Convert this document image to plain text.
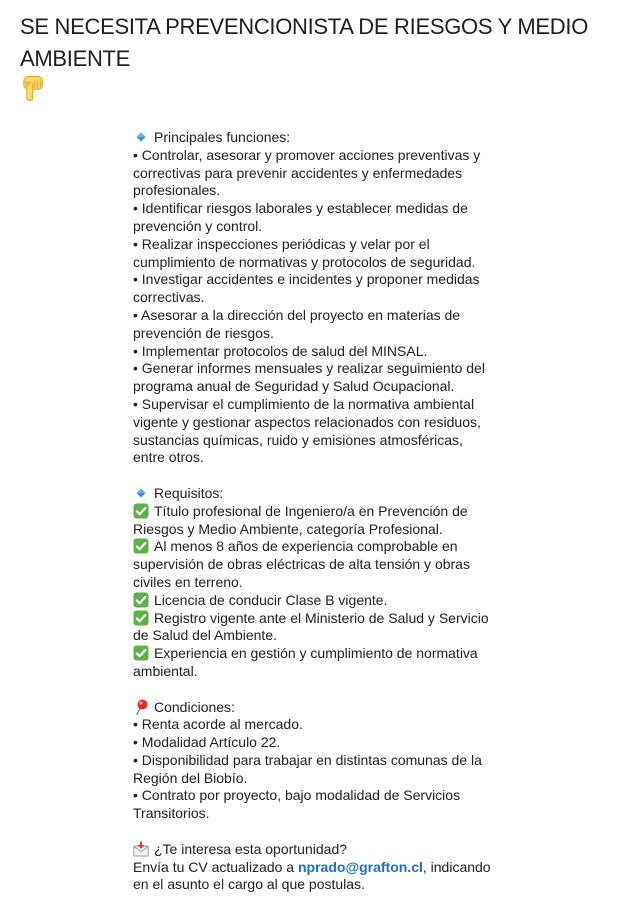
SE NECESITA PREVENCIONISTA DE RIESGOS Y MEDIO AMBIENTE
Principales funciones:
• Controlar, asesorar y promover acciones preventivas y
correctivas para prevenir accidentes y enfermedades
profesionales.
• Identificar riesgos laborales y establecer medidas de
prevención y control.
• Realizar inspecciones periódicas y velar por el
cumplimiento de normativas y protocolos de seguridad.
• Investigar accidentes e incidentes y proponer medidas
correctivas.
• Asesorar a la dirección del proyecto en materias de
prevención de riesgos.
• Implementar protocolos de salud del MINSAL.
• Generar informes mensuales y realizar seguimiento del
programa anual de Seguridad y Salud Ocupacional.
• Supervisar el cumplimiento de la normativa ambiental
vigente y gestionar aspectos relacionados con residuos,
sustancias químicas, ruido y emisiones atmosféricas,
entre otros.
Requisitos:
Título profesional de Ingeniero/a en Prevención de
Riesgos y Medio Ambiente, categoría Profesional.
Al menos 8 años de experiencia comprobable en
supervisión de obras eléctricas de alta tensión y obras
civiles en terreno.
Licencia de conducir Clase B vigente.
Registro vigente ante el Ministerio de Salud y Servicio
de Salud del Ambiente.
Experiencia en gestión y cumplimiento de normativa
ambiental.
Condiciones:
• Renta acorde al mercado.
• Modalidad Artículo 22.
• Disponibilidad para trabajar en distintas comunas de la
Región del Biobío.
• Contrato por proyecto, bajo modalidad de Servicios
Transitorios.
¿Te interesa esta oportunidad?
Envía tu CV actualizado a nprado@grafton.cl, indicando
en el asunto el cargo al que postulas.
